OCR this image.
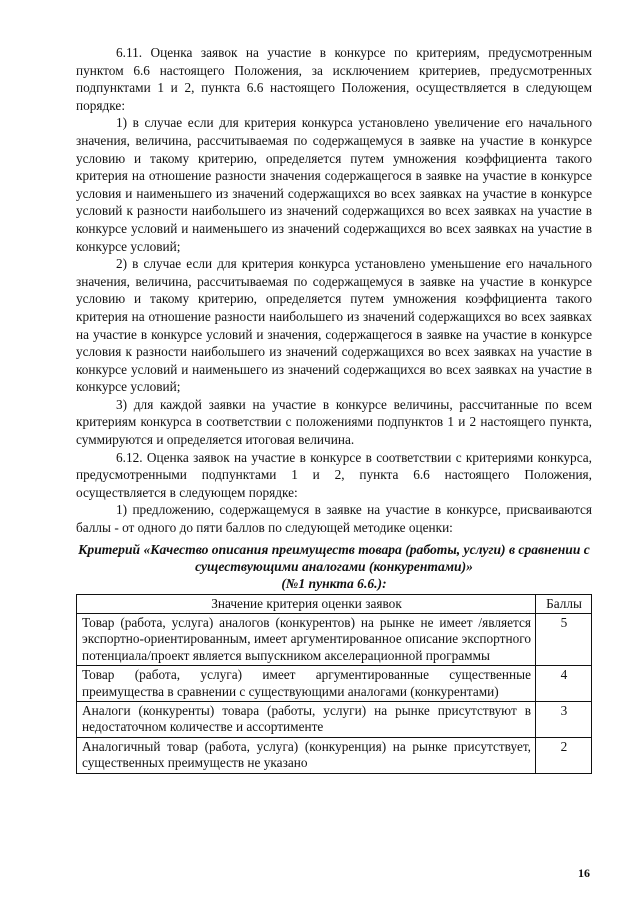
6.11. Оценка заявок на участие в конкурсе по критериям, предусмотренным пунктом 6.6 настоящего Положения, за исключением критериев, предусмотренных подпунктами 1 и 2, пункта 6.6 настоящего Положения, осуществляется в следующем порядке:

1) в случае если для критерия конкурса установлено увеличение его начального значения, величина, рассчитываемая по содержащемуся в заявке на участие в конкурсе условию и такому критерию, определяется путем умножения коэффициента такого критерия на отношение разности значения содержащегося в заявке на участие в конкурсе условия и наименьшего из значений содержащихся во всех заявках на участие в конкурсе условий к разности наибольшего из значений содержащихся во всех заявках на участие в конкурсе условий и наименьшего из значений содержащихся во всех заявках на участие в конкурсе условий;

2) в случае если для критерия конкурса установлено уменьшение его начального значения, величина, рассчитываемая по содержащемуся в заявке на участие в конкурсе условию и такому критерию, определяется путем умножения коэффициента такого критерия на отношение разности наибольшего из значений содержащихся во всех заявках на участие в конкурсе условий и значения, содержащегося в заявке на участие в конкурсе условия к разности наибольшего из значений содержащихся во всех заявках на участие в конкурсе условий и наименьшего из значений содержащихся во всех заявках на участие в конкурсе условий;

3) для каждой заявки на участие в конкурсе величины, рассчитанные по всем критериям конкурса в соответствии с положениями подпунктов 1 и 2 настоящего пункта, суммируются и определяется итоговая величина.

6.12. Оценка заявок на участие в конкурсе в соответствии с критериями конкурса, предусмотренными подпунктами 1 и 2, пункта 6.6 настоящего Положения, осуществляется в следующем порядке:

1) предложению, содержащемуся в заявке на участие в конкурсе, присваиваются баллы - от одного до пяти баллов по следующей методике оценки:

Критерий «Качество описания преимуществ товара (работы, услуги) в сравнении с существующими аналогами (конкурентами)»
(№1 пункта 6.6.):
Значение критерия оценки заявок	Баллы
Товар (работа, услуга) аналогов (конкурентов) на рынке не имеет /является экспортно-ориентированным, имеет аргументированное описание экспортного потенциала/проект является выпускником акселерационной программы	5
Товар (работа, услуга) имеет аргументированные существенные преимущества в сравнении с существующими аналогами (конкурентами)	4
Аналоги (конкуренты) товара (работы, услуги) на рынке присутствуют в недостаточном количестве и ассортименте	3
Аналогичный товар (работа, услуга) (конкуренция) на рынке присутствует, существенных преимуществ не указано	2
16
